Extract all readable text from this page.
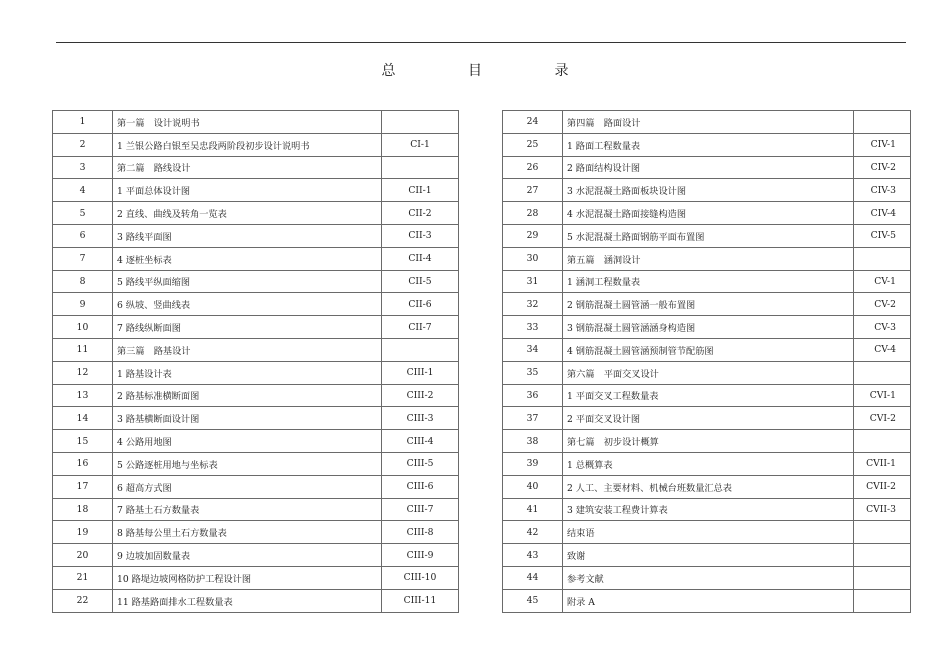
总	目	录
1	第一篇　设计说明书	
2	1 兰银公路白银至吴忠段两阶段初步设计说明书	CI-1
3	第二篇　路线设计	
4	1 平面总体设计图	CII-1
5	2 直线、曲线及转角一览表	CII-2
6	3 路线平面图	CII-3
7	4 逐桩坐标表	CII-4
8	5 路线平纵面缩图	CII-5
9	6 纵坡、竖曲线表	CII-6
10	7 路线纵断面图	CII-7
11	第三篇　路基设计	
12	1 路基设计表	CIII-1
13	2 路基标准横断面图	CIII-2
14	3 路基横断面设计图	CIII-3
15	4 公路用地图	CIII-4
16	5 公路逐桩用地与坐标表	CIII-5
17	6 超高方式图	CIII-6
18	7 路基土石方数量表	CIII-7
19	8 路基每公里土石方数量表	CIII-8
20	9 边坡加固数量表	CIII-9
21	10 路堤边坡网格防护工程设计图	CIII-10
22	11 路基路面排水工程数量表	CIII-11
24	第四篇　路面设计	
25	1 路面工程数量表	CIV-1
26	2 路面结构设计图	CIV-2
27	3 水泥混凝土路面板块设计图	CIV-3
28	4 水泥混凝土路面接缝构造图	CIV-4
29	5 水泥混凝土路面钢筋平面布置图	CIV-5
30	第五篇　涵洞设计	
31	1 涵洞工程数量表	CV-1
32	2 钢筋混凝土圆管涵一般布置图	CV-2
33	3 钢筋混凝土圆管涵涵身构造图	CV-3
34	4 钢筋混凝土圆管涵预制管节配筋图	CV-4
35	第六篇　平面交叉设计	
36	1 平面交叉工程数量表	CVI-1
37	2 平面交叉设计图	CVI-2
38	第七篇　初步设计概算	
39	1 总概算表	CVII-1
40	2 人工、主要材料、机械台班数量汇总表	CVII-2
41	3 建筑安装工程费计算表	CVII-3
42	结束语	
43	致谢	
44	参考文献	
45	附录 A	
